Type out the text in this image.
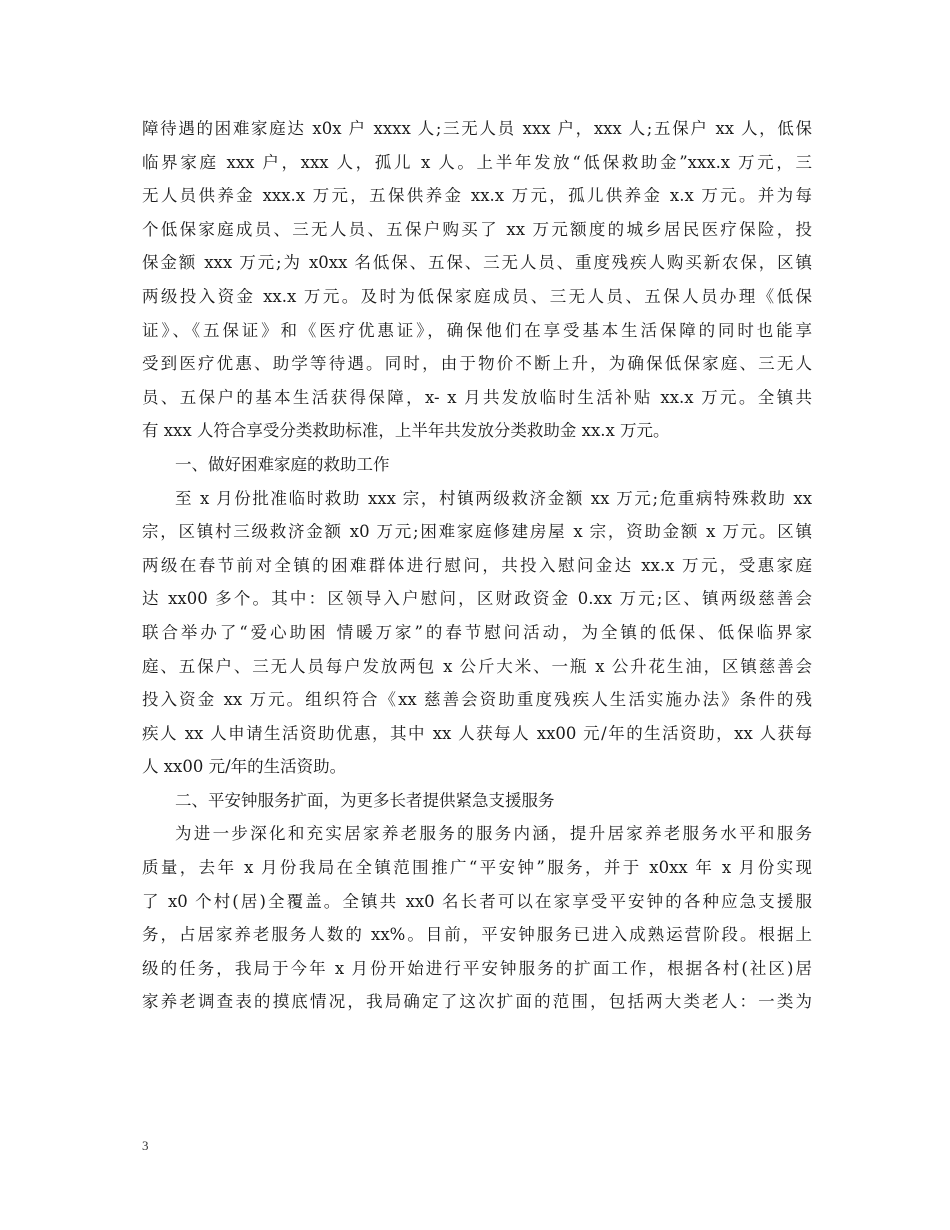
障待遇的困难家庭达 x0x 户 xxxx 人;三无人员 xxx 户，xxx 人;五保户 xx 人，低保
临界家庭 xxx 户，xxx 人，孤儿 x 人。上半年发放“低保救助金”xxx.x 万元，三
无人员供养金 xxx.x 万元，五保供养金 xx.x 万元，孤儿供养金 x.x 万元。并为每
个低保家庭成员、三无人员、五保户购买了 xx 万元额度的城乡居民医疗保险，投
保金额 xxx 万元;为 x0xx 名低保、五保、三无人员、重度残疾人购买新农保，区镇
两级投入资金 xx.x 万元。及时为低保家庭成员、三无人员、五保人员办理《低保
证》、《五保证》和《医疗优惠证》，确保他们在享受基本生活保障的同时也能享
受到医疗优惠、助学等待遇。同时，由于物价不断上升，为确保低保家庭、三无人
员、五保户的基本生活获得保障，x- x 月共发放临时生活补贴 xx.x 万元。全镇共
有 xxx 人符合享受分类救助标准，上半年共发放分类救助金 xx.x 万元。
一、做好困难家庭的救助工作
至 x 月份批准临时救助 xxx 宗，村镇两级救济金额 xx 万元;危重病特殊救助 xx
宗，区镇村三级救济金额 x0 万元;困难家庭修建房屋 x 宗，资助金额 x 万元。区镇
两级在春节前对全镇的困难群体进行慰问，共投入慰问金达 xx.x 万元，受惠家庭
达 xx00 多个。其中：区领导入户慰问，区财政资金 0.xx 万元;区、镇两级慈善会
联合举办了“爱心助困 情暖万家”的春节慰问活动，为全镇的低保、低保临界家
庭、五保户、三无人员每户发放两包 x 公斤大米、一瓶 x 公升花生油，区镇慈善会
投入资金 xx 万元。组织符合《xx 慈善会资助重度残疾人生活实施办法》条件的残
疾人 xx 人申请生活资助优惠，其中 xx 人获每人 xx00 元/年的生活资助，xx 人获每
人 xx00 元/年的生活资助。
二、平安钟服务扩面，为更多长者提供紧急支援服务
为进一步深化和充实居家养老服务的服务内涵，提升居家养老服务水平和服务
质量，去年 x 月份我局在全镇范围推广“平安钟”服务，并于 x0xx 年 x 月份实现
了 x0 个村(居)全覆盖。全镇共 xx0 名长者可以在家享受平安钟的各种应急支援服
务，占居家养老服务人数的 xx%。目前，平安钟服务已进入成熟运营阶段。根据上
级的任务，我局于今年 x 月份开始进行平安钟服务的扩面工作，根据各村(社区)居
家养老调查表的摸底情况，我局确定了这次扩面的范围，包括两大类老人：一类为
3
